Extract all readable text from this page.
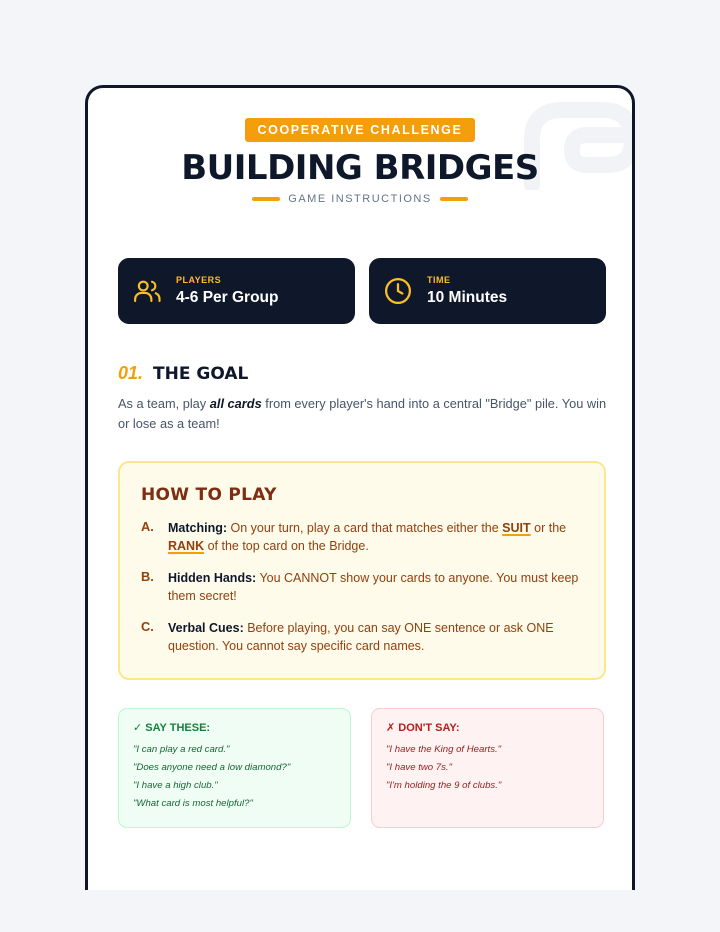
COOPERATIVE CHALLENGE
BUILDING BRIDGES
GAME INSTRUCTIONS
PLAYERS
4-6 Per Group
TIME
10 Minutes
01. THE GOAL

As a team, play all cards from every player's hand into a central "Bridge" pile. You win or lose as a team!

HOW TO PLAY
A.	Matching: On your turn, play a card that matches either the SUIT or the RANK of the top card on the Bridge.
B.	Hidden Hands: You CANNOT show your cards to anyone. You must keep them secret!
C.	Verbal Cues: Before playing, you can say ONE sentence or ask ONE question. You cannot say specific card names.
✓ SAY THESE:
"I can play a red card."
"Does anyone need a low diamond?"
"I have a high club."
"What card is most helpful?"
✗ DON'T SAY:
"I have the King of Hearts."
"I have two 7s."
"I'm holding the 9 of clubs."
